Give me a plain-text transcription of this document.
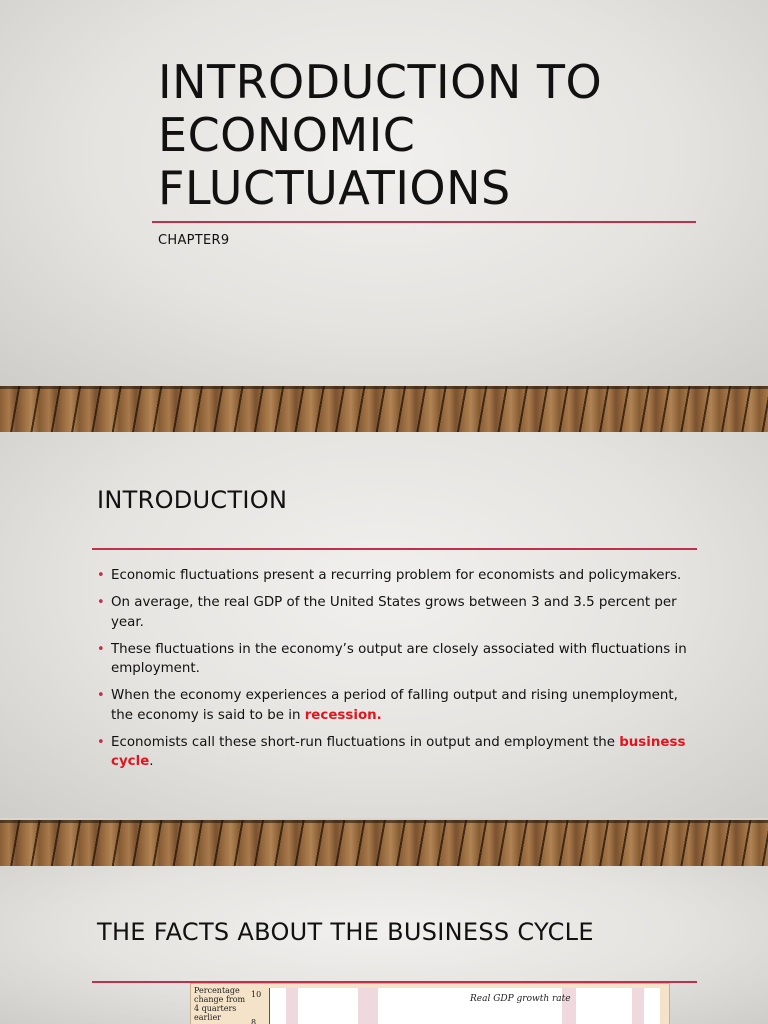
INTRODUCTION TO ECONOMIC FLUCTUATIONS
CHAPTER9
INTRODUCTION
• Economic fluctuations present a recurring problem for economists and policymakers.
• On average, the real GDP of the United States grows between 3 and 3.5 percent per year.
• These fluctuations in the economy’s output are closely associated with fluctuations in employment.
• When the economy experiences a period of falling output and rising unemployment, the economy is said to be in recession.
• Economists call these short-run fluctuations in output and employment the business cycle.
THE FACTS ABOUT THE BUSINESS CYCLE
Percentage change from 4 quarters earlier
10
8
Real GDP growth rate
